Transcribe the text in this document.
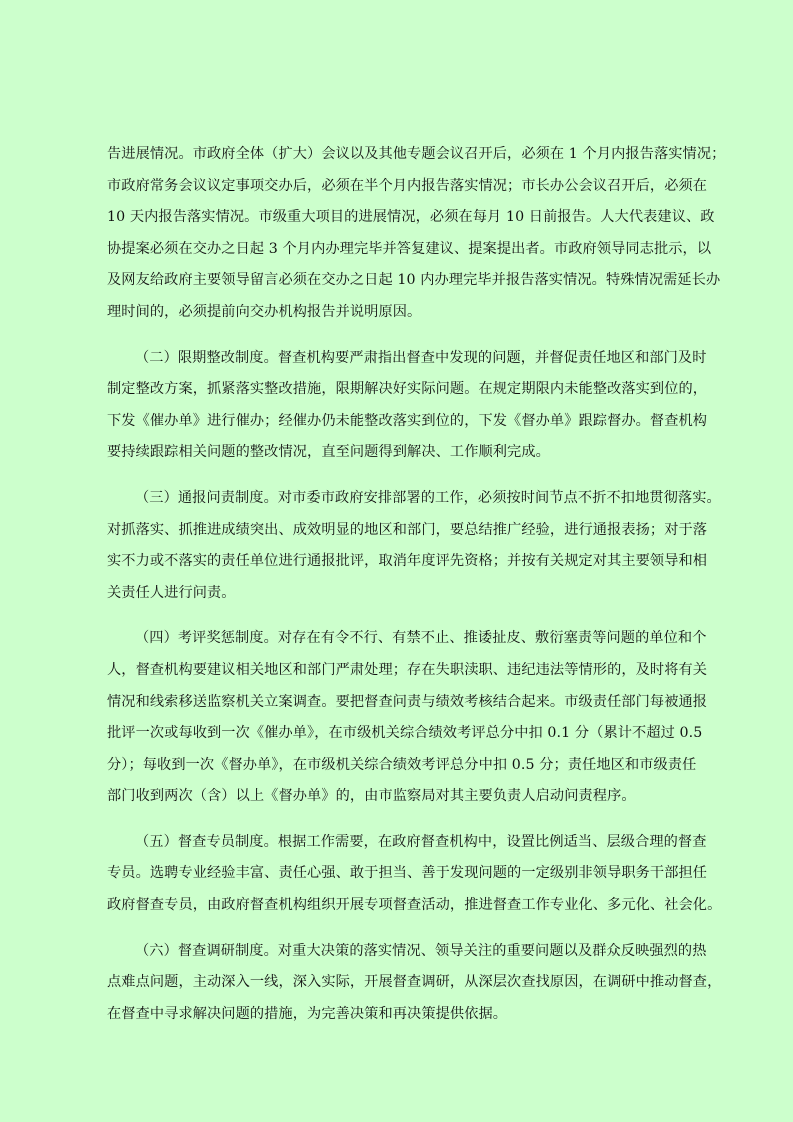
告进展情况。市政府全体（扩大）会议以及其他专题会议召开后，必须在 1 个月内报告落实情况；
市政府常务会议议定事项交办后，必须在半个月内报告落实情况；市长办公会议召开后，必须在
10 天内报告落实情况。市级重大项目的进展情况，必须在每月 10 日前报告。人大代表建议、政
协提案必须在交办之日起 3 个月内办理完毕并答复建议、提案提出者。市政府领导同志批示，以
及网友给政府主要领导留言必须在交办之日起 10 内办理完毕并报告落实情况。特殊情况需延长办
理时间的，必须提前向交办机构报告并说明原因。

（二）限期整改制度。督查机构要严肃指出督查中发现的问题，并督促责任地区和部门及时
制定整改方案，抓紧落实整改措施，限期解决好实际问题。在规定期限内未能整改落实到位的，
下发《催办单》进行催办；经催办仍未能整改落实到位的，下发《督办单》跟踪督办。督查机构
要持续跟踪相关问题的整改情况，直至问题得到解决、工作顺利完成。

（三）通报问责制度。对市委市政府安排部署的工作，必须按时间节点不折不扣地贯彻落实。
对抓落实、抓推进成绩突出、成效明显的地区和部门，要总结推广经验，进行通报表扬；对于落
实不力或不落实的责任单位进行通报批评，取消年度评先资格；并按有关规定对其主要领导和相
关责任人进行问责。

（四）考评奖惩制度。对存在有令不行、有禁不止、推诿扯皮、敷衍塞责等问题的单位和个
人，督查机构要建议相关地区和部门严肃处理；存在失职渎职、违纪违法等情形的，及时将有关
情况和线索移送监察机关立案调查。要把督查问责与绩效考核结合起来。市级责任部门每被通报
批评一次或每收到一次《催办单》，在市级机关综合绩效考评总分中扣 0.1 分（累计不超过 0.5
分）；每收到一次《督办单》，在市级机关综合绩效考评总分中扣 0.5 分；责任地区和市级责任
部门收到两次（含）以上《督办单》的，由市监察局对其主要负责人启动问责程序。

（五）督查专员制度。根据工作需要，在政府督查机构中，设置比例适当、层级合理的督查
专员。选聘专业经验丰富、责任心强、敢于担当、善于发现问题的一定级别非领导职务干部担任
政府督查专员，由政府督查机构组织开展专项督查活动，推进督查工作专业化、多元化、社会化。

（六）督查调研制度。对重大决策的落实情况、领导关注的重要问题以及群众反映强烈的热
点难点问题，主动深入一线，深入实际，开展督查调研，从深层次查找原因，在调研中推动督查，
在督查中寻求解决问题的措施，为完善决策和再决策提供依据。
